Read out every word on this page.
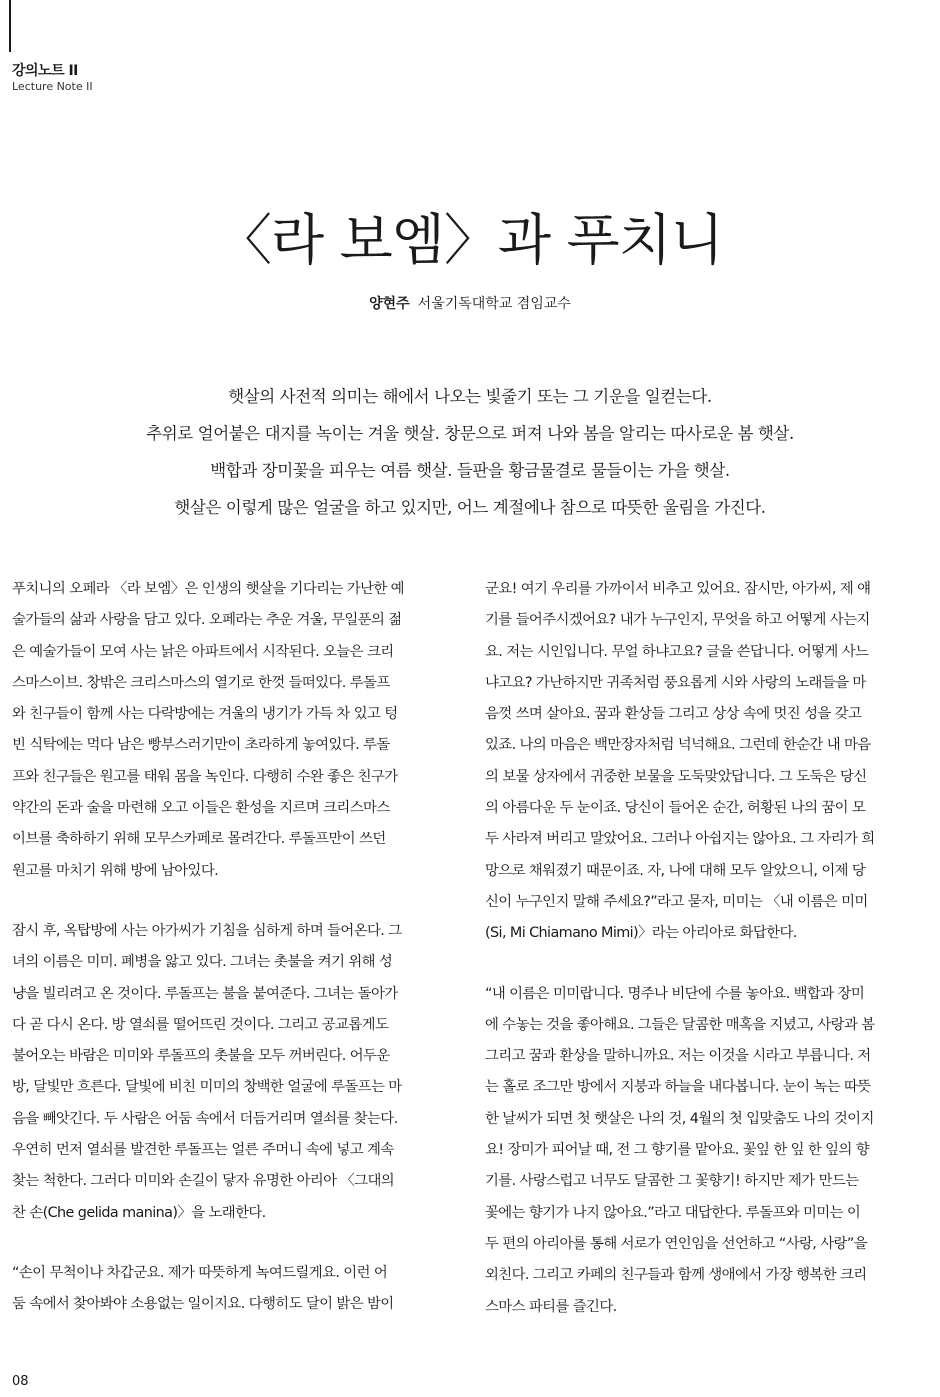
강의노트 II
Lecture Note II
〈라 보엠〉과 푸치니
양현주 서울기독대학교 겸임교수

햇살의 사전적 의미는 해에서 나오는 빛줄기 또는 그 기운을 일컫는다.

추위로 얼어붙은 대지를 녹이는 겨울 햇살. 창문으로 퍼져 나와 봄을 알리는 따사로운 봄 햇살.

백합과 장미꽃을 피우는 여름 햇살. 들판을 황금물결로 물들이는 가을 햇살.

햇살은 이렇게 많은 얼굴을 하고 있지만, 어느 계절에나 참으로 따뜻한 울림을 가진다.

푸치니의 오페라 〈라 보엠〉은 인생의 햇살을 기다리는 가난한 예
술가들의 삶과 사랑을 담고 있다. 오페라는 추운 겨울, 무일푼의 젊
은 예술가들이 모여 사는 낡은 아파트에서 시작된다. 오늘은 크리
스마스이브. 창밖은 크리스마스의 열기로 한껏 들떠있다. 루돌프
와 친구들이 함께 사는 다락방에는 겨울의 냉기가 가득 차 있고 텅
빈 식탁에는 먹다 남은 빵부스러기만이 초라하게 놓여있다. 루돌
프와 친구들은 원고를 태워 몸을 녹인다. 다행히 수완 좋은 친구가
약간의 돈과 술을 마련해 오고 이들은 환성을 지르며 크리스마스
이브를 축하하기 위해 모무스카페로 몰려간다. 루돌프만이 쓰던
원고를 마치기 위해 방에 남아있다.

잠시 후, 옥탑방에 사는 아가씨가 기침을 심하게 하며 들어온다. 그
녀의 이름은 미미. 폐병을 앓고 있다. 그녀는 촛불을 켜기 위해 성
냥을 빌리려고 온 것이다. 루돌프는 불을 붙여준다. 그녀는 돌아가
다 곧 다시 온다. 방 열쇠를 떨어뜨린 것이다. 그리고 공교롭게도
불어오는 바람은 미미와 루돌프의 촛불을 모두 꺼버린다. 어두운
방, 달빛만 흐른다. 달빛에 비친 미미의 창백한 얼굴에 루돌프는 마
음을 빼앗긴다. 두 사람은 어둠 속에서 더듬거리며 열쇠를 찾는다.
우연히 먼저 열쇠를 발견한 루돌프는 얼른 주머니 속에 넣고 계속
찾는 척한다. 그러다 미미와 손길이 닿자 유명한 아리아 〈그대의
찬 손(Che gelida manina)〉을 노래한다.

“손이 무척이나 차갑군요. 제가 따뜻하게 녹여드릴게요. 이런 어
둠 속에서 찾아봐야 소용없는 일이지요. 다행히도 달이 밝은 밤이

군요! 여기 우리를 가까이서 비추고 있어요. 잠시만, 아가씨, 제 얘
기를 들어주시겠어요? 내가 누구인지, 무엇을 하고 어떻게 사는지
요. 저는 시인입니다. 무얼 하냐고요? 글을 쓴답니다. 어떻게 사느
냐고요? 가난하지만 귀족처럼 풍요롭게 시와 사랑의 노래들을 마
음껏 쓰며 살아요. 꿈과 환상들 그리고 상상 속에 멋진 성을 갖고
있죠. 나의 마음은 백만장자처럼 넉넉해요. 그런데 한순간 내 마음
의 보물 상자에서 귀중한 보물을 도둑맞았답니다. 그 도둑은 당신
의 아름다운 두 눈이죠. 당신이 들어온 순간, 허황된 나의 꿈이 모
두 사라져 버리고 말았어요. 그러나 아쉽지는 않아요. 그 자리가 희
망으로 채워졌기 때문이죠. 자, 나에 대해 모두 알았으니, 이제 당
신이 누구인지 말해 주세요?”라고 묻자, 미미는 〈내 이름은 미미
(Si, Mi Chiamano Mimi)〉라는 아리아로 화답한다.

“내 이름은 미미랍니다. 명주나 비단에 수를 놓아요. 백합과 장미
에 수놓는 것을 좋아해요. 그들은 달콤한 매혹을 지녔고, 사랑과 봄
그리고 꿈과 환상을 말하니까요. 저는 이것을 시라고 부릅니다. 저
는 홀로 조그만 방에서 지붕과 하늘을 내다봅니다. 눈이 녹는 따뜻
한 날씨가 되면 첫 햇살은 나의 것, 4월의 첫 입맞춤도 나의 것이지
요! 장미가 피어날 때, 전 그 향기를 맡아요. 꽃잎 한 잎 한 잎의 향
기를. 사랑스럽고 너무도 달콤한 그 꽃향기! 하지만 제가 만드는
꽃에는 향기가 나지 않아요.”라고 대답한다. 루돌프와 미미는 이
두 편의 아리아를 통해 서로가 연인임을 선언하고 “사랑, 사랑”을
외친다. 그리고 카페의 친구들과 함께 생애에서 가장 행복한 크리
스마스 파티를 즐긴다.

08
